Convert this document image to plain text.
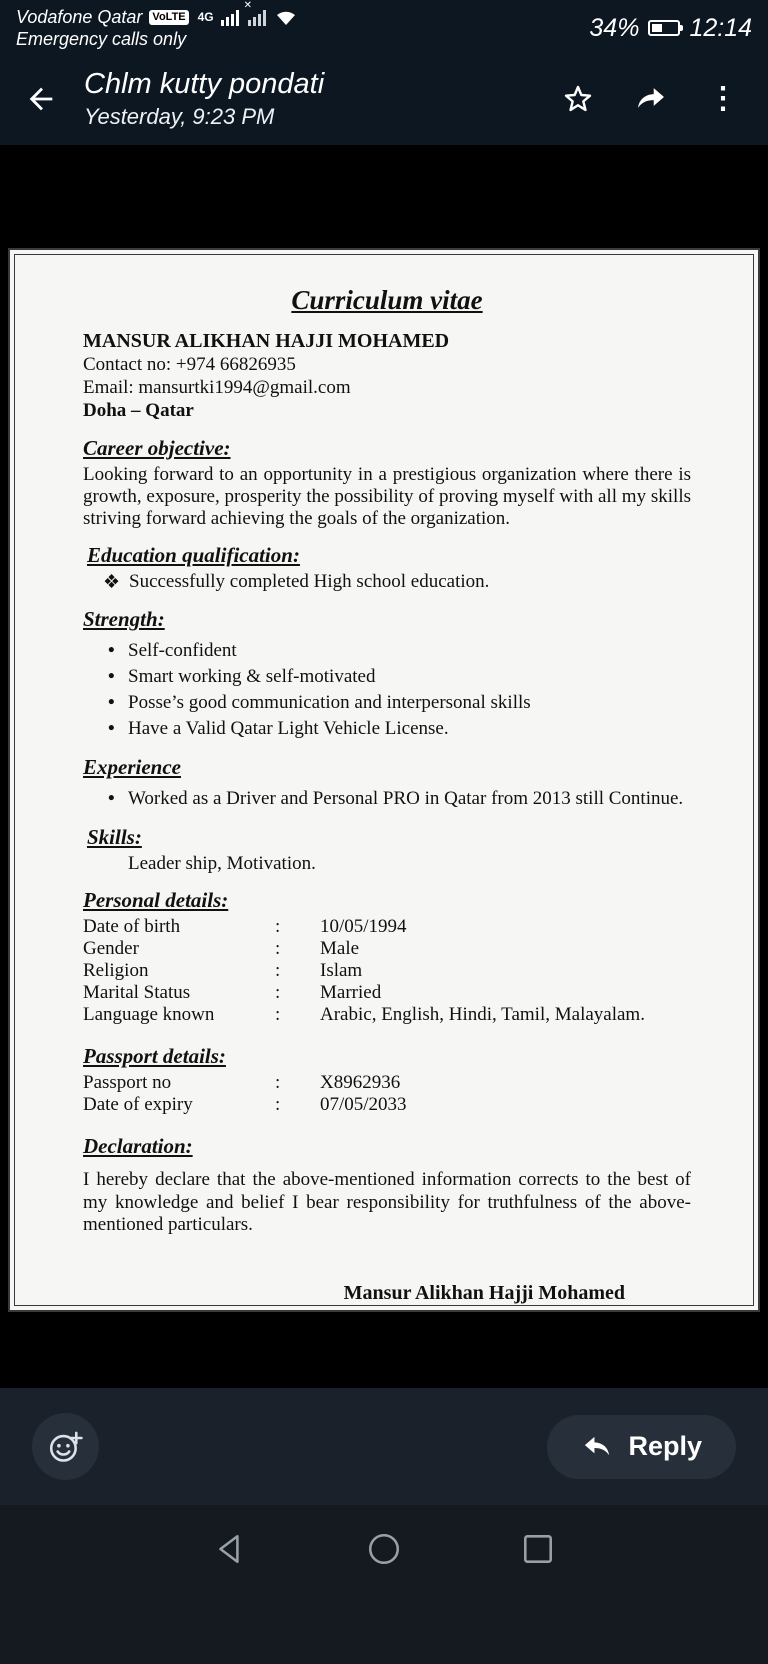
Vodafone Qatar VoLTE 4G
✕
Emergency calls only	34% 12:14
Chlm kutty pondati
Yesterday, 9:23 PM
⋮
Curriculum vitae
MANSUR ALIKHAN HAJJI MOHAMED
Contact no: +974 66826935
Email: mansurtki1994@gmail.com
Doha – Qatar
Career objective:

Looking forward to an opportunity in a prestigious organization where there is growth, exposure, prosperity the possibility of proving myself with all my skills striving forward achieving the goals of the organization.

Education qualification:
❖ Successfully completed High school education.
Strength:
• Self-confident
• Smart working & self-motivated
• Posse’s good communication and interpersonal skills
• Have a Valid Qatar Light Vehicle License.
Experience
• Worked as a Driver and Personal PRO in Qatar from 2013 still Continue.
Skills:
Leader ship, Motivation.
Personal details:
Date of birth	:	10/05/1994
Gender	:	Male
Religion	:	Islam
Marital Status	:	Married
Language known	:	Arabic, English, Hindi, Tamil, Malayalam.
Passport details:
Passport no	:	X8962936
Date of expiry	:	07/05/2033
Declaration:

I hereby declare that the above-mentioned information corrects to the best of my knowledge and belief I bear responsibility for truthfulness of the above-mentioned particulars.

Mansur Alikhan Hajji Mohamed
Reply
